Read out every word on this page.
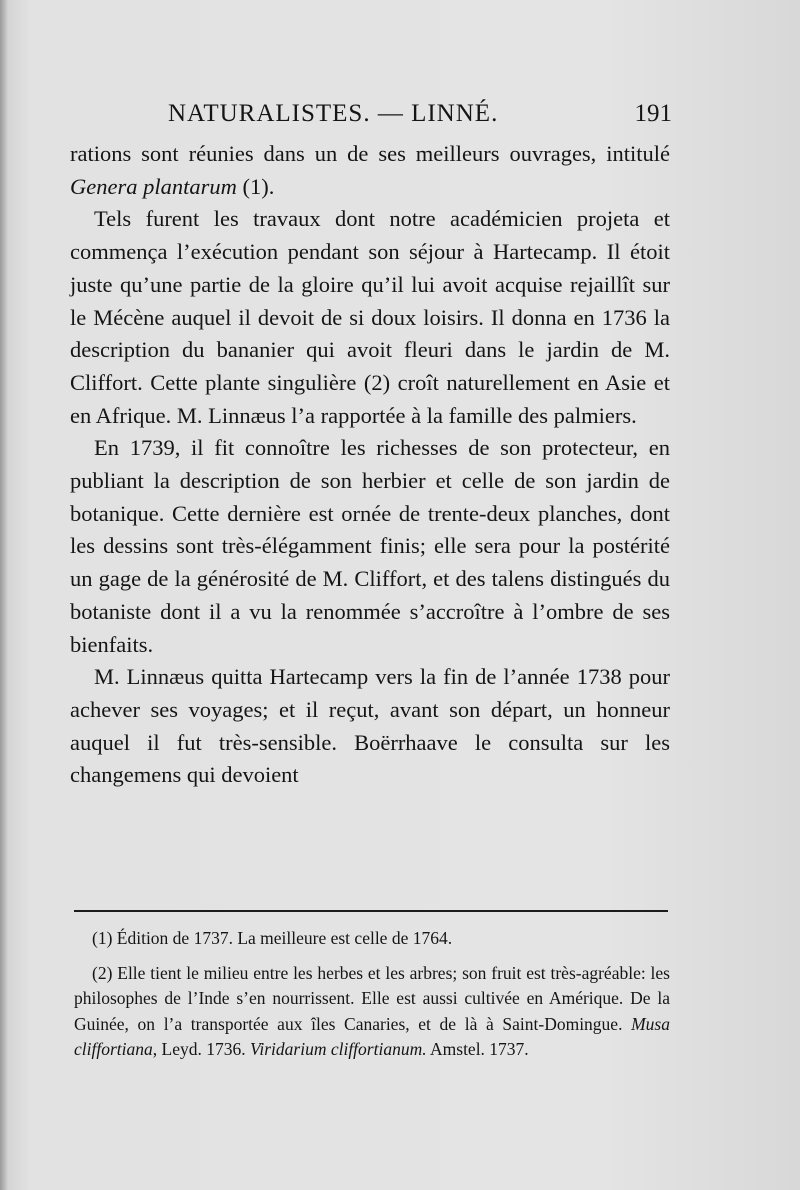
NATURALISTES. — LINNÉ.	191

rations sont réunies dans un de ses meilleurs ouvrages, intitulé Genera plantarum (1).

Tels furent les travaux dont notre académicien projeta et commença l’exécution pendant son séjour à Hartecamp. Il étoit juste qu’une partie de la gloire qu’il lui avoit acquise rejaillît sur le Mécène auquel il devoit de si doux loisirs. Il donna en 1736 la description du bananier qui avoit fleuri dans le jardin de M. Cliffort. Cette plante singulière (2) croît naturellement en Asie et en Afrique. M. Linnæus l’a rapportée à la famille des palmiers.

En 1739, il fit connoître les richesses de son protecteur, en publiant la description de son herbier et celle de son jardin de botanique. Cette dernière est ornée de trente-deux planches, dont les dessins sont très-élégamment finis; elle sera pour la postérité un gage de la générosité de M. Cliffort, et des talens distingués du botaniste dont il a vu la renommée s’accroître à l’ombre de ses bienfaits.

M. Linnæus quitta Hartecamp vers la fin de l’année 1738 pour achever ses voyages; et il reçut, avant son départ, un honneur auquel il fut très-sensible. Boërrhaave le consulta sur les changemens qui devoient

(1) Édition de 1737. La meilleure est celle de 1764.

(2) Elle tient le milieu entre les herbes et les arbres; son fruit est très-agréable: les philosophes de l’Inde s’en nourrissent. Elle est aussi cultivée en Amérique. De la Guinée, on l’a transportée aux îles Canaries, et de là à Saint-Domingue. Musa cliffortiana, Leyd. 1736. Viridarium cliffortianum. Amstel. 1737.
